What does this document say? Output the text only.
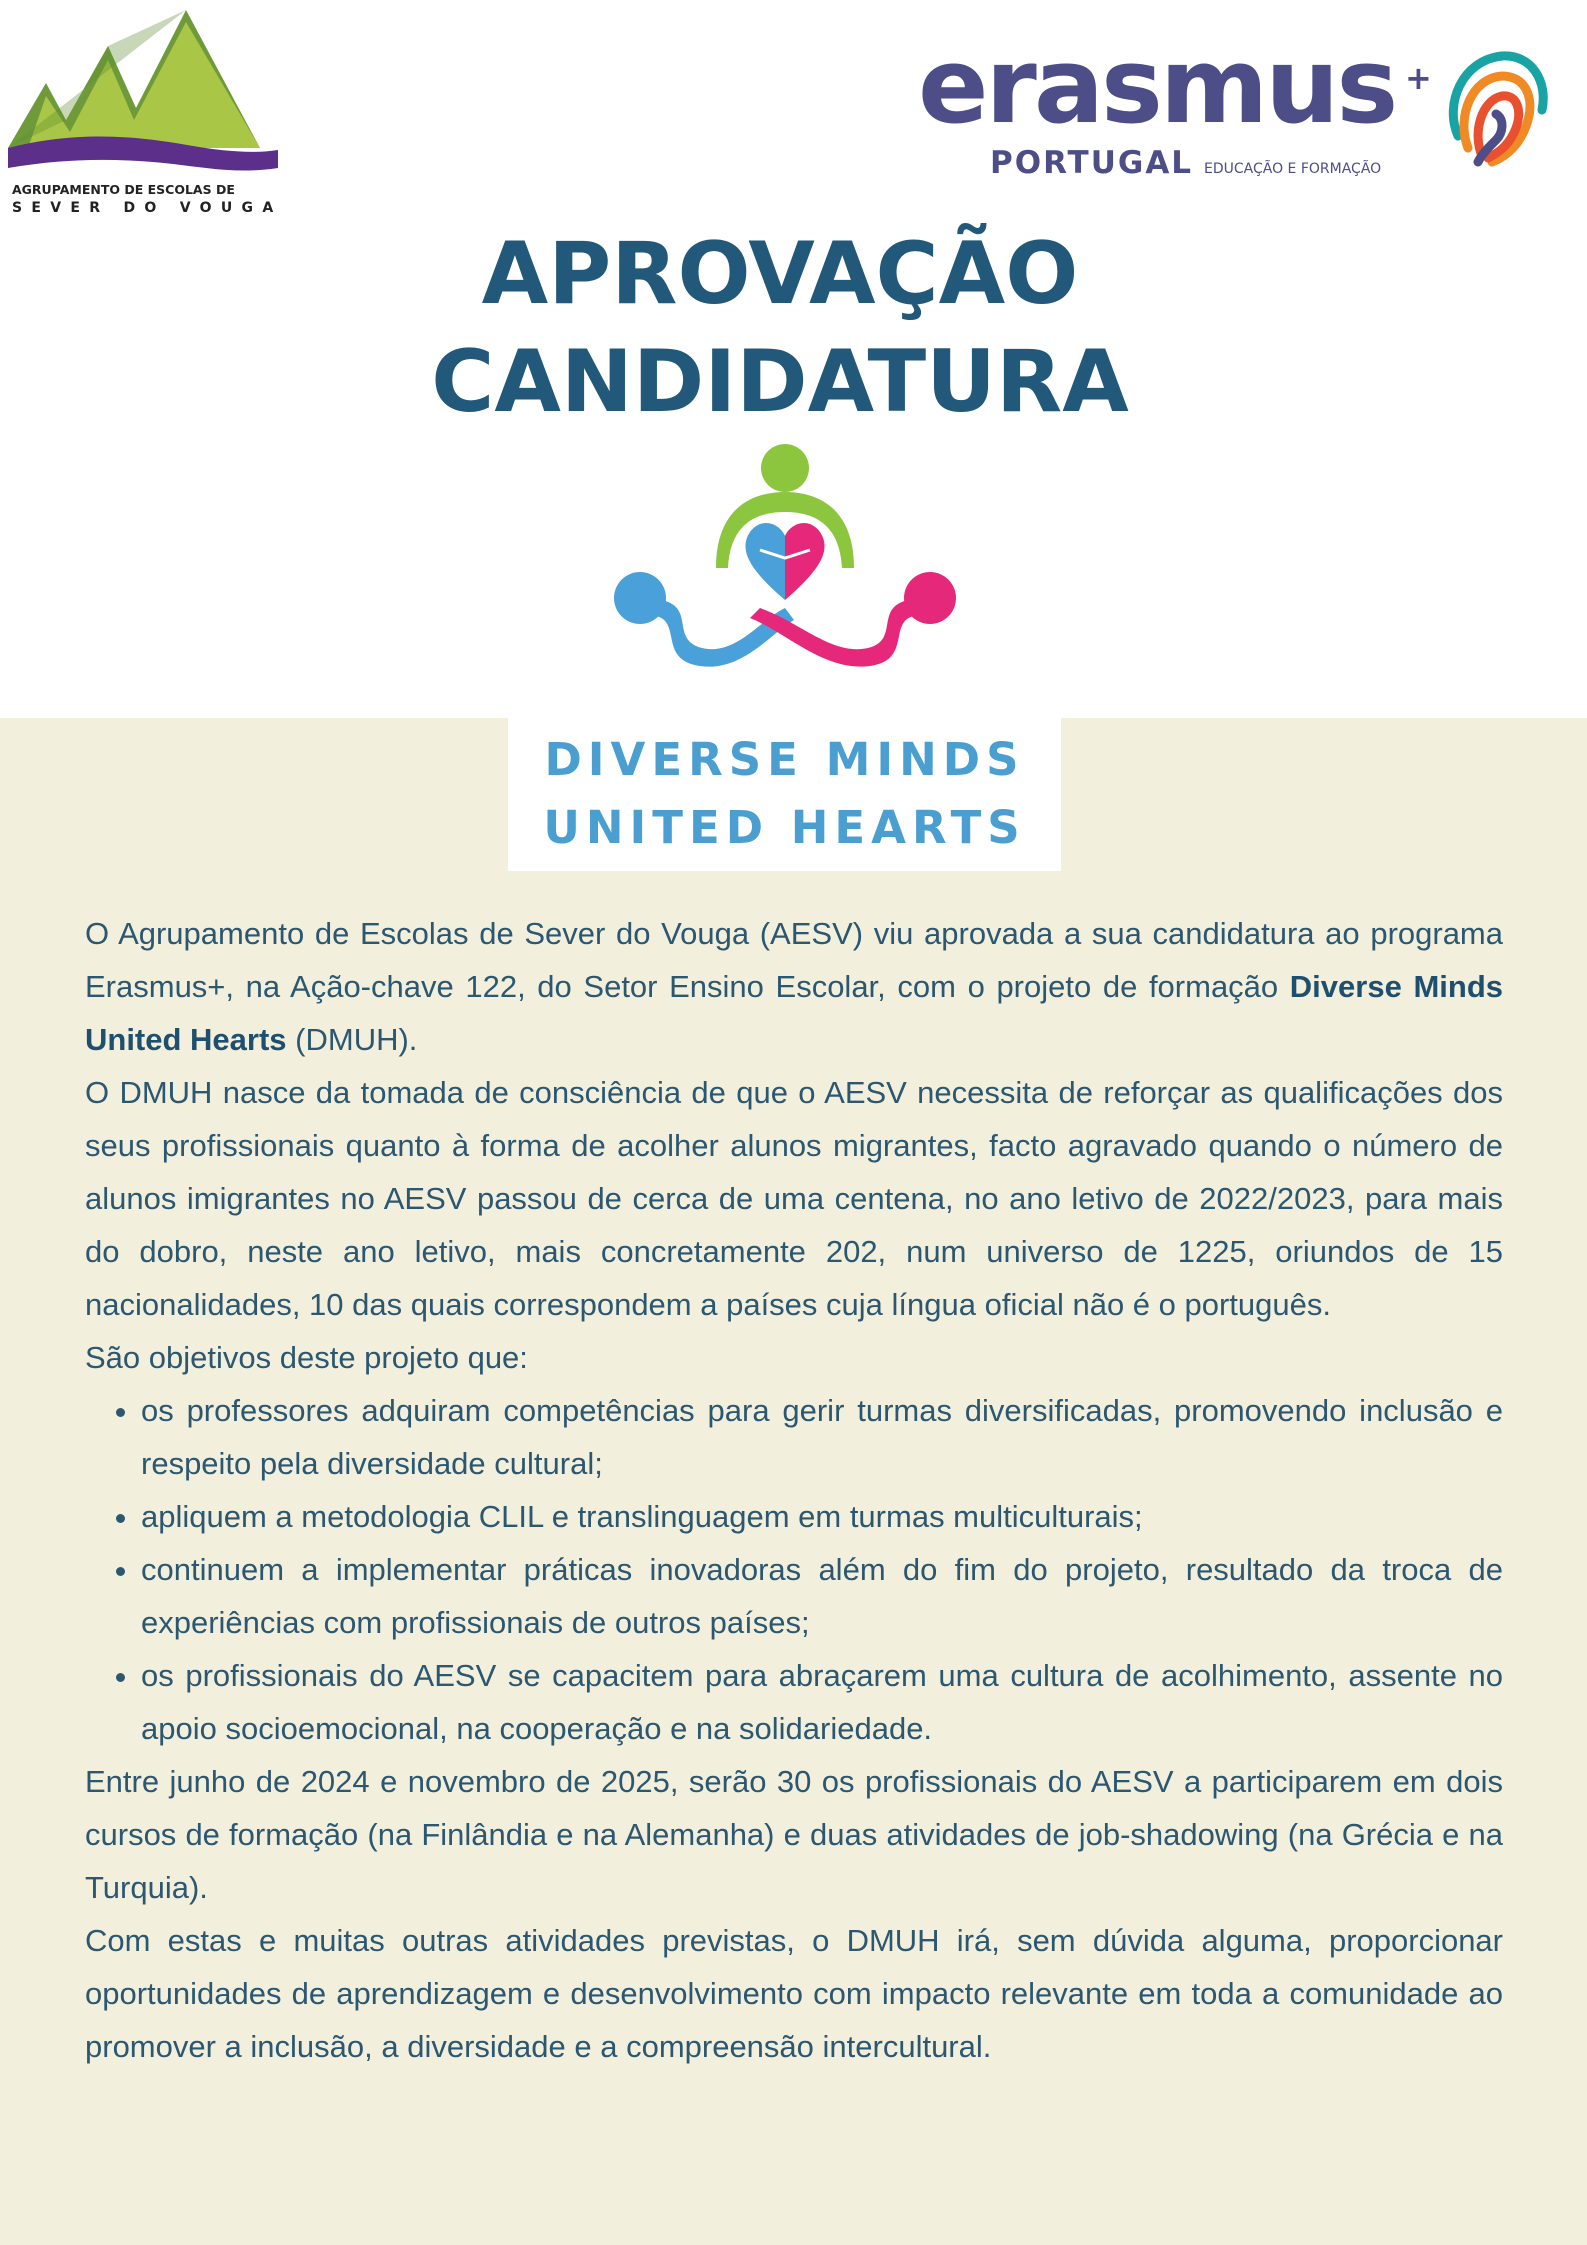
AGRUPAMENTO DE ESCOLAS DE
SEVER DO VOUGA
erasmus +
PORTUGAL EDUCAÇÃO E FORMAÇÃO
APROVAÇÃO
CANDIDATURA
DIVERSE MINDS
UNITED HEARTS

O Agrupamento de Escolas de Sever do Vouga (AESV) viu aprovada a sua candidatura ao programa Erasmus+, na Ação-chave 122, do Setor Ensino Escolar, com o projeto de formação Diverse Minds United Hearts (DMUH).

O DMUH nasce da tomada de consciência de que o AESV necessita de reforçar as qualificações dos seus profissionais quanto à forma de acolher alunos migrantes, facto agravado quando o número de alunos imigrantes no AESV passou de cerca de uma centena, no ano letivo de 2022/2023, para mais do dobro, neste ano letivo, mais concretamente 202, num universo de 1225, oriundos de 15 nacionalidades, 10 das quais correspondem a países cuja língua oficial não é o português.

São objetivos deste projeto que:

• os professores adquiram competências para gerir turmas diversificadas, promovendo inclusão e respeito pela diversidade cultural;
• apliquem a metodologia CLIL e translinguagem em turmas multiculturais;
• continuem a implementar práticas inovadoras além do fim do projeto, resultado da troca de experiências com profissionais de outros países;
• os profissionais do AESV se capacitem para abraçarem uma cultura de acolhimento, assente no apoio socioemocional, na cooperação e na solidariedade.

Entre junho de 2024 e novembro de 2025, serão 30 os profissionais do AESV a participarem em dois cursos de formação (na Finlândia e na Alemanha) e duas atividades de job-shadowing (na Grécia e na Turquia).

Com estas e muitas outras atividades previstas, o DMUH irá, sem dúvida alguma, proporcionar oportunidades de aprendizagem e desenvolvimento com impacto relevante em toda a comunidade ao promover a inclusão, a diversidade e a compreensão intercultural.
